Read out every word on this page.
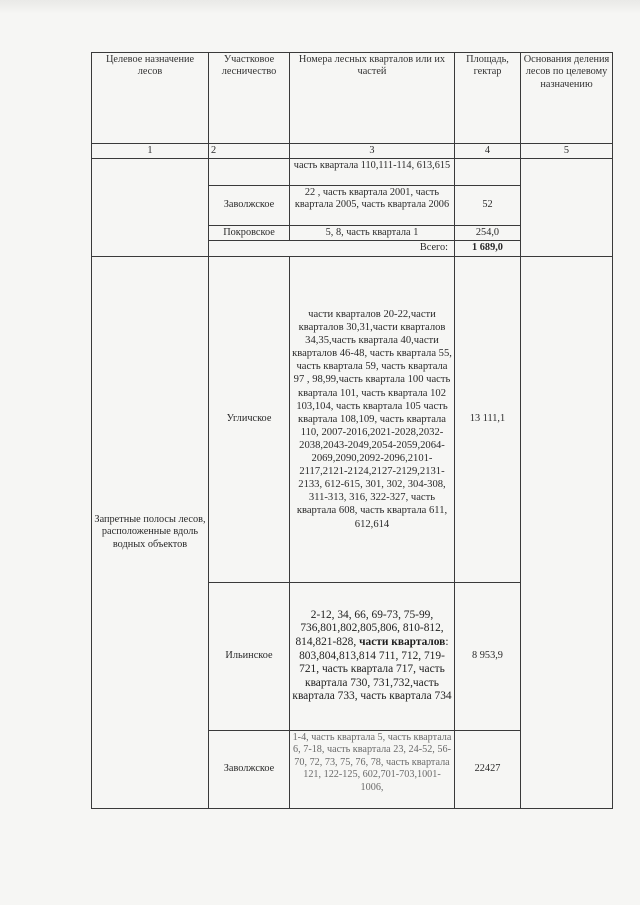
Целевое назначение лесов	Участковое лесничество	Номера лесных кварталов или их частей	Площадь, гектар	Основания деления лесов по целевому назначению
1	2	3	4	5
		часть квартала 110,111-114, 613,615		
	Заволжское	22 , часть квартала 2001, часть квартала 2005, часть квартала 2006	52	
	Покровское	5, 8, часть квартала 1	254,0	
	Всего:		1 689,0	
Запретные полосы лесов, расположенные вдоль водных объектов	Угличское	части кварталов 20-22,части кварталов 30,31,части кварталов 34,35,часть квартала 40,части кварталов 46-48, часть квартала 55, часть квартала 59, часть квартала 97 , 98,99,часть квартала 100 часть квартала 101, часть квартала 102 103,104, часть квартала 105 часть квартала 108,109, часть квартала 110, 2007-2016,2021-2028,2032-2038,2043-2049,2054-2059,2064-2069,2090,2092-2096,2101-2117,2121-2124,2127-2129,2131-2133, 612-615, 301, 302, 304-308, 311-313, 316, 322-327, часть квартала 608, часть квартала 611, 612,614	13 111,1	
	Ильинское	2-12, 34, 66, 69-73, 75-99, 736,801,802,805,806, 810-812, 814,821-828, части кварталов: 803,804,813,814 711, 712, 719-721, часть квартала 717, часть квартала 730, 731,732,часть квартала 733, часть квартала 734	8 953,9	
	Заволжское	1-4, часть квартала 5, часть квартала 6, 7-18, часть квартала 23, 24-52, 56-70, 72, 73, 75, 76, 78, часть квартала 121, 122-125, 602,701-703,1001-1006,	22427	
